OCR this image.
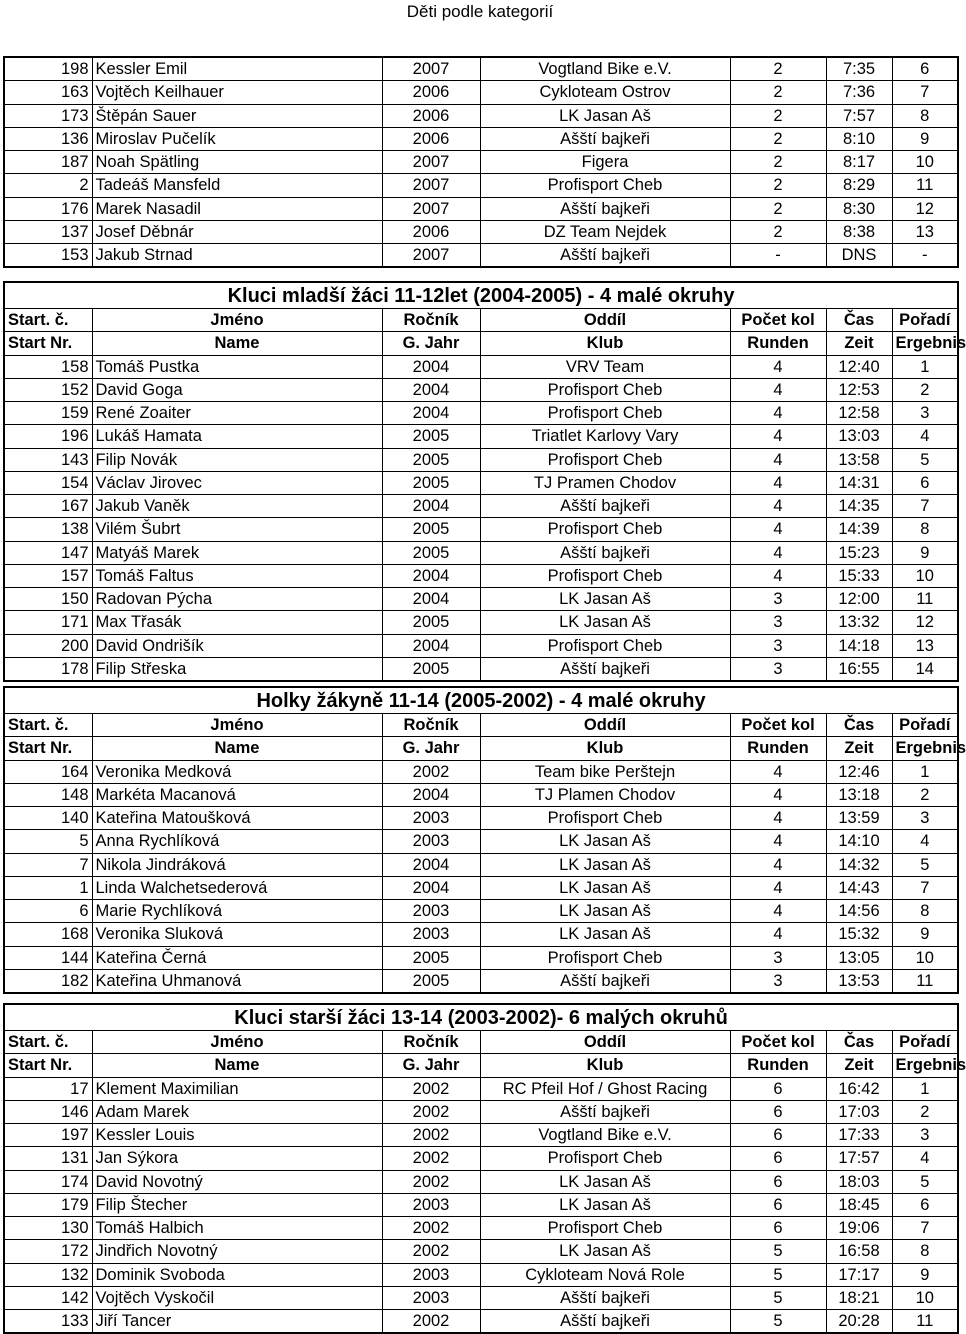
Děti podle kategorií
198	Kessler Emil	2007	Vogtland Bike e.V.	2	7:35	6
163	Vojtěch Keilhauer	2006	Cykloteam Ostrov	2	7:36	7
173	Štěpán Sauer	2006	LK Jasan Aš	2	7:57	8
136	Miroslav Pučelík	2006	Ašští bajkeři	2	8:10	9
187	Noah Spätling	2007	Figera	2	8:17	10
2	Tadeáš Mansfeld	2007	Profisport Cheb	2	8:29	11
176	Marek Nasadil	2007	Ašští bajkeři	2	8:30	12
137	Josef Děbnár	2006	DZ Team Nejdek	2	8:38	13
153	Jakub Strnad	2007	Ašští bajkeři	-	DNS	-
Kluci mladší žáci 11-12let (2004-2005) - 4 malé okruhy						
Start. č.	Jméno	Ročník	Oddíl	Počet kol	Čas	Pořadí
Start Nr.	Name	G. Jahr	Klub	Runden	Zeit	Ergebnis
158	Tomáš Pustka	2004	VRV Team	4	12:40	1
152	David Goga	2004	Profisport Cheb	4	12:53	2
159	René Zoaiter	2004	Profisport Cheb	4	12:58	3
196	Lukáš Hamata	2005	Triatlet Karlovy Vary	4	13:03	4
143	Filip Novák	2005	Profisport Cheb	4	13:58	5
154	Václav Jirovec	2005	TJ Pramen Chodov	4	14:31	6
167	Jakub Vaněk	2004	Ašští bajkeři	4	14:35	7
138	Vilém Šubrt	2005	Profisport Cheb	4	14:39	8
147	Matyáš Marek	2005	Ašští bajkeři	4	15:23	9
157	Tomáš Faltus	2004	Profisport Cheb	4	15:33	10
150	Radovan Pýcha	2004	LK Jasan Aš	3	12:00	11
171	Max Třasák	2005	LK Jasan Aš	3	13:32	12
200	David Ondrišík	2004	Profisport Cheb	3	14:18	13
178	Filip Střeska	2005	Ašští bajkeři	3	16:55	14
Holky žákyně 11-14 (2005-2002) - 4 malé okruhy						
Start. č.	Jméno	Ročník	Oddíl	Počet kol	Čas	Pořadí
Start Nr.	Name	G. Jahr	Klub	Runden	Zeit	Ergebnis
164	Veronika Medková	2002	Team bike Perštejn	4	12:46	1
148	Markéta Macanová	2004	TJ Plamen Chodov	4	13:18	2
140	Kateřina Matoušková	2003	Profisport Cheb	4	13:59	3
5	Anna Rychlíková	2003	LK Jasan Aš	4	14:10	4
7	Nikola Jindráková	2004	LK Jasan Aš	4	14:32	5
1	Linda Walchetsederová	2004	LK Jasan Aš	4	14:43	7
6	Marie Rychlíková	2003	LK Jasan Aš	4	14:56	8
168	Veronika Sluková	2003	LK Jasan Aš	4	15:32	9
144	Kateřina Černá	2005	Profisport Cheb	3	13:05	10
182	Kateřina Uhmanová	2005	Ašští bajkeři	3	13:53	11
Kluci starší žáci 13-14 (2003-2002)- 6 malých okruhů						
Start. č.	Jméno	Ročník	Oddíl	Počet kol	Čas	Pořadí
Start Nr.	Name	G. Jahr	Klub	Runden	Zeit	Ergebnis
17	Klement Maximilian	2002	RC Pfeil Hof / Ghost Racing	6	16:42	1
146	Adam Marek	2002	Ašští bajkeři	6	17:03	2
197	Kessler Louis	2002	Vogtland Bike e.V.	6	17:33	3
131	Jan Sýkora	2002	Profisport Cheb	6	17:57	4
174	David Novotný	2002	LK Jasan Aš	6	18:03	5
179	Filip Štecher	2003	LK Jasan Aš	6	18:45	6
130	Tomáš Halbich	2002	Profisport Cheb	6	19:06	7
172	Jindřich Novotný	2002	LK Jasan Aš	5	16:58	8
132	Dominik Svoboda	2003	Cykloteam Nová Role	5	17:17	9
142	Vojtěch Vyskočil	2003	Ašští bajkeři	5	18:21	10
133	Jiří Tancer	2002	Ašští bajkeři	5	20:28	11
